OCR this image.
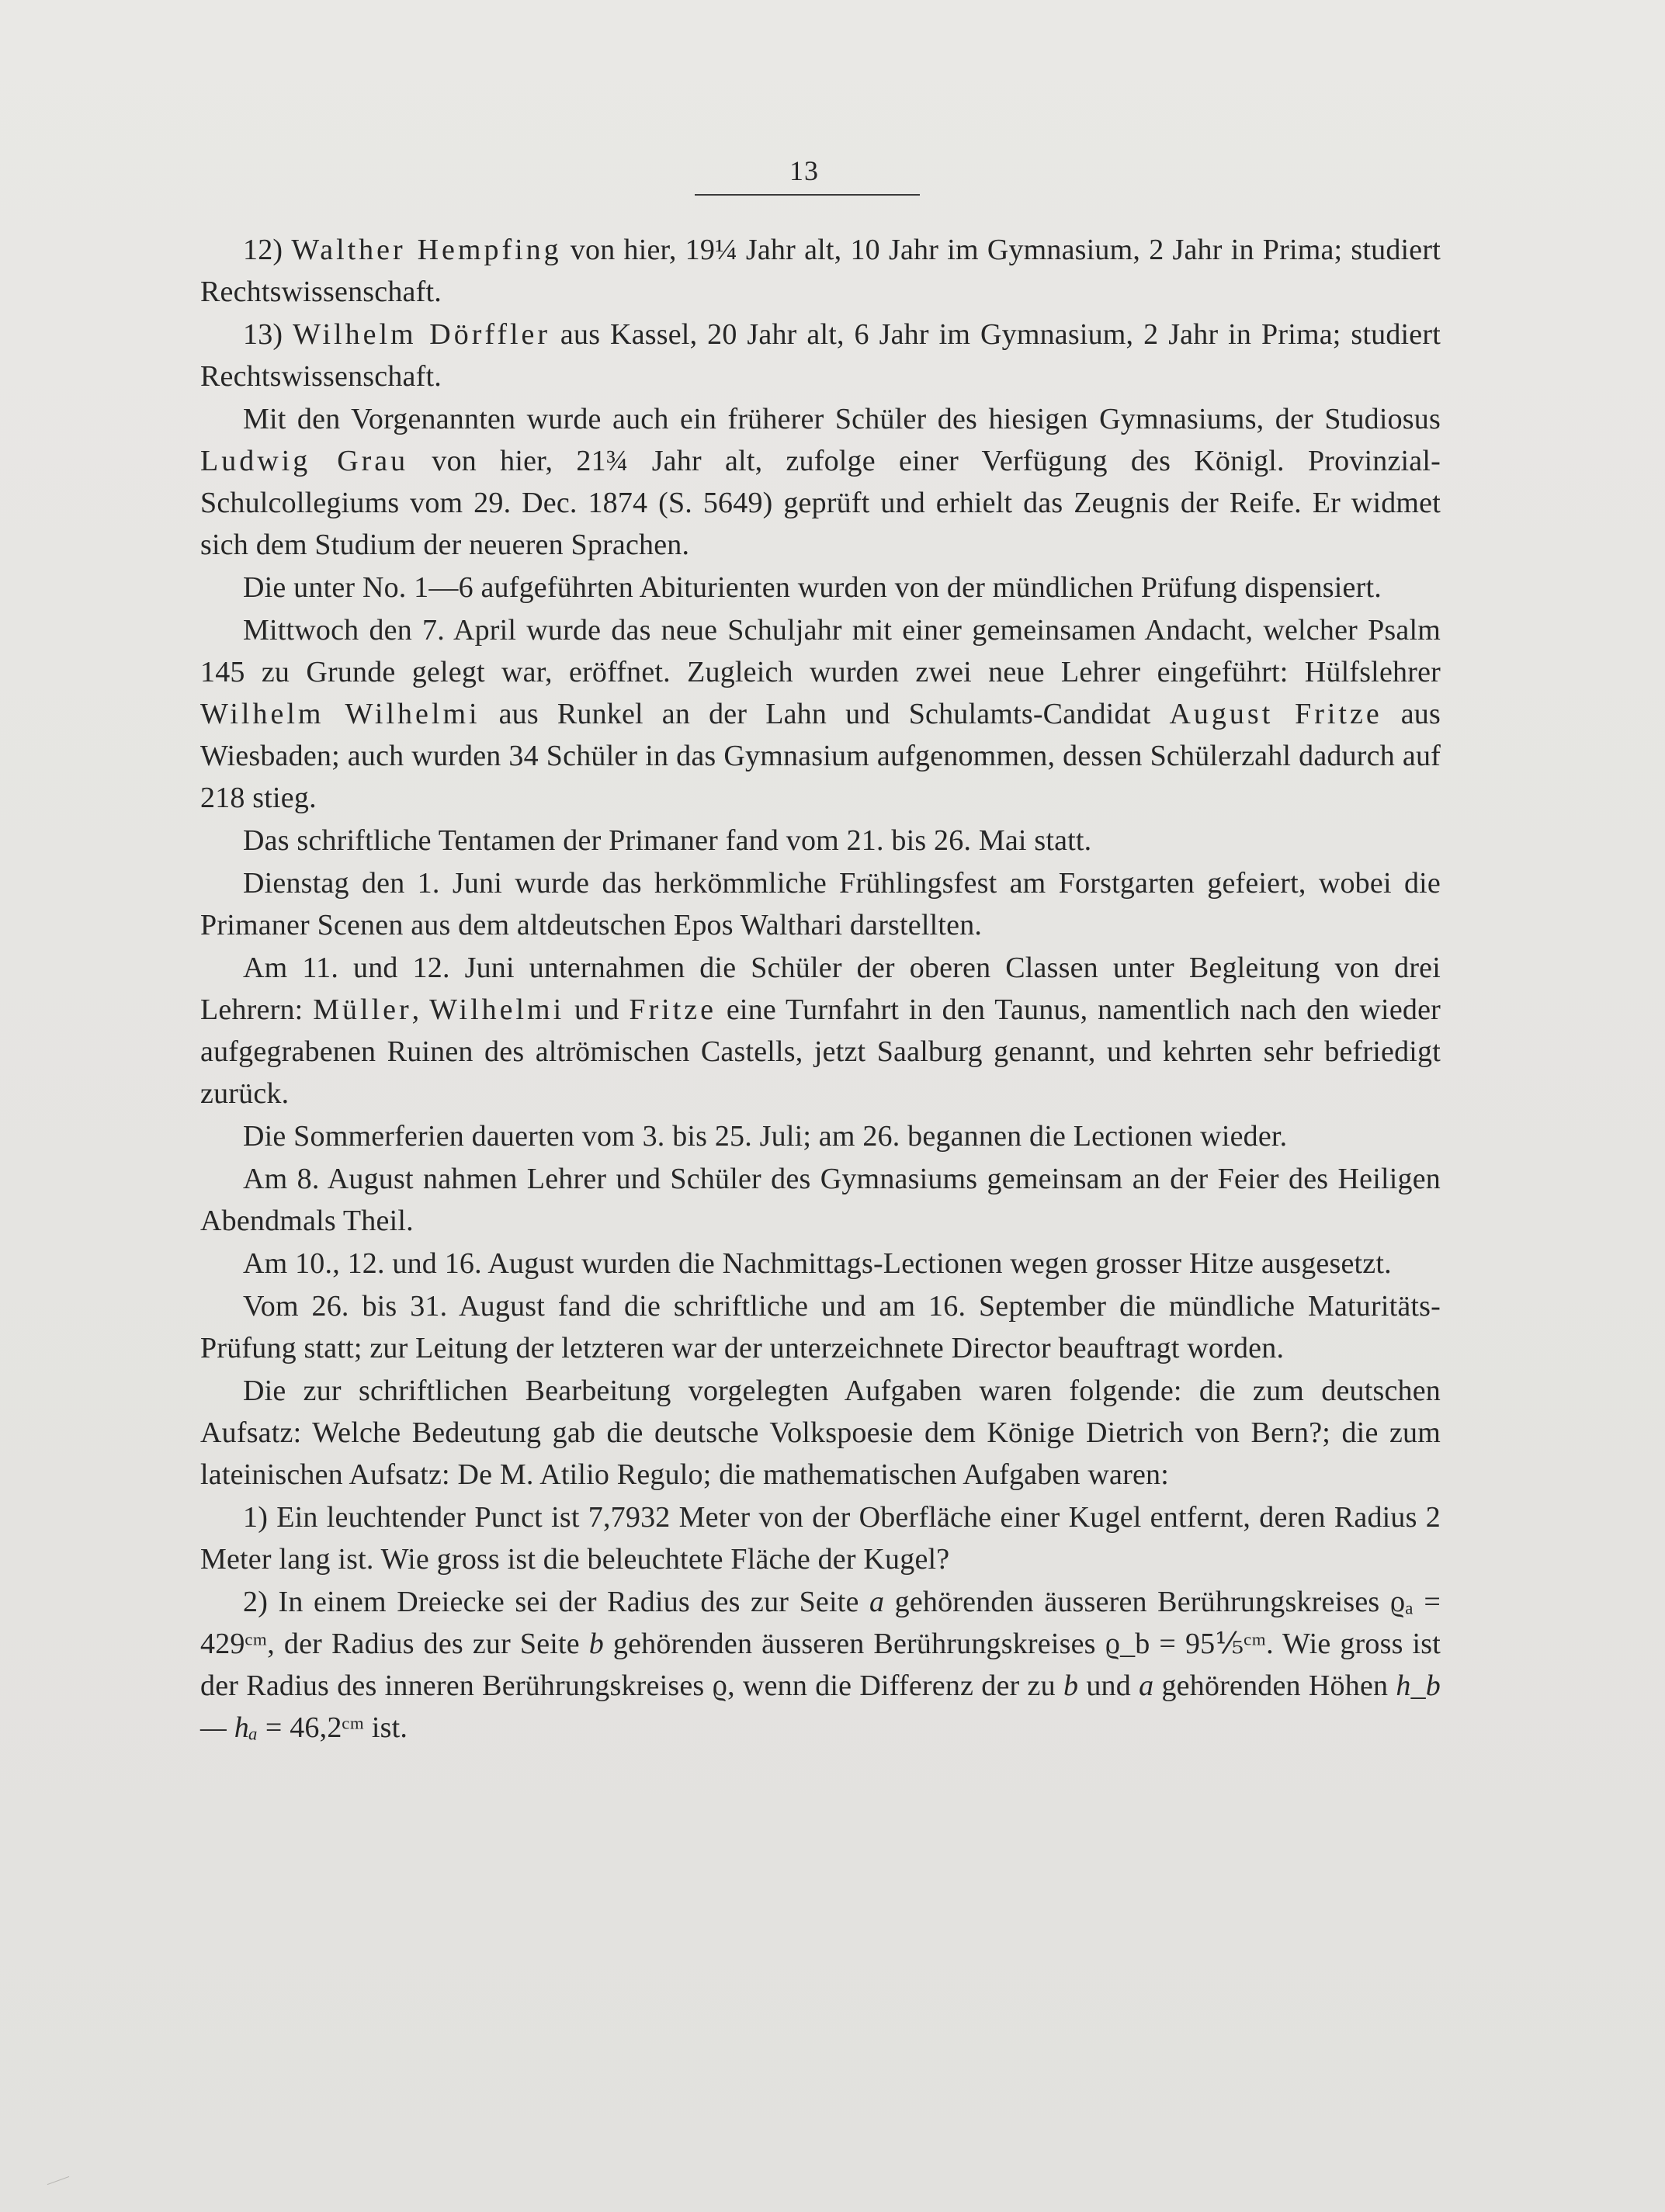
13

12) Walther Hempfing von hier, 19¼ Jahr alt, 10 Jahr im Gymnasium, 2 Jahr in Prima; studiert Rechtswissenschaft.

13) Wilhelm Dörffler aus Kassel, 20 Jahr alt, 6 Jahr im Gymnasium, 2 Jahr in Prima; studiert Rechtswissenschaft.

Mit den Vorgenannten wurde auch ein früherer Schüler des hiesigen Gymnasiums, der Studiosus Ludwig Grau von hier, 21¾ Jahr alt, zufolge einer Verfügung des Königl. Provinzial-Schulcollegiums vom 29. Dec. 1874 (S. 5649) geprüft und erhielt das Zeugnis der Reife. Er widmet sich dem Studium der neueren Sprachen.

Die unter No. 1—6 aufgeführten Abiturienten wurden von der mündlichen Prüfung dispensiert.

Mittwoch den 7. April wurde das neue Schuljahr mit einer gemeinsamen Andacht, welcher Psalm 145 zu Grunde gelegt war, eröffnet. Zugleich wurden zwei neue Lehrer eingeführt: Hülfslehrer Wilhelm Wilhelmi aus Runkel an der Lahn und Schulamts-Candidat August Fritze aus Wiesbaden; auch wurden 34 Schüler in das Gymnasium aufgenommen, dessen Schülerzahl dadurch auf 218 stieg.

Das schriftliche Tentamen der Primaner fand vom 21. bis 26. Mai statt.

Dienstag den 1. Juni wurde das herkömmliche Frühlingsfest am Forstgarten gefeiert, wobei die Primaner Scenen aus dem altdeutschen Epos Walthari darstellten.

Am 11. und 12. Juni unternahmen die Schüler der oberen Classen unter Begleitung von drei Lehrern: Müller, Wilhelmi und Fritze eine Turnfahrt in den Taunus, namentlich nach den wieder aufgegrabenen Ruinen des altrömischen Castells, jetzt Saalburg genannt, und kehrten sehr befriedigt zurück.

Die Sommerferien dauerten vom 3. bis 25. Juli; am 26. begannen die Lectionen wieder.

Am 8. August nahmen Lehrer und Schüler des Gymnasiums gemeinsam an der Feier des Heiligen Abendmals Theil.

Am 10., 12. und 16. August wurden die Nachmittags-Lectionen wegen grosser Hitze ausgesetzt.

Vom 26. bis 31. August fand die schriftliche und am 16. September die mündliche Maturitäts-Prüfung statt; zur Leitung der letzteren war der unterzeichnete Director beauftragt worden.

Die zur schriftlichen Bearbeitung vorgelegten Aufgaben waren folgende: die zum deutschen Aufsatz: Welche Bedeutung gab die deutsche Volkspoesie dem Könige Dietrich von Bern?; die zum lateinischen Aufsatz: De M. Atilio Regulo; die mathematischen Aufgaben waren:

1) Ein leuchtender Punct ist 7,7932 Meter von der Oberfläche einer Kugel entfernt, deren Radius 2 Meter lang ist. Wie gross ist die beleuchtete Fläche der Kugel?

2) In einem Dreiecke sei der Radius des zur Seite a gehörenden äusseren Berührungskreises ϱₐ = 429ᶜᵐ, der Radius des zur Seite b gehörenden äusseren Berührungskreises ϱ_b = 95⅕ᶜᵐ. Wie gross ist der Radius des inneren Berührungskreises ϱ, wenn die Differenz der zu b und a gehörenden Höhen h_b — hₐ = 46,2ᶜᵐ ist.
